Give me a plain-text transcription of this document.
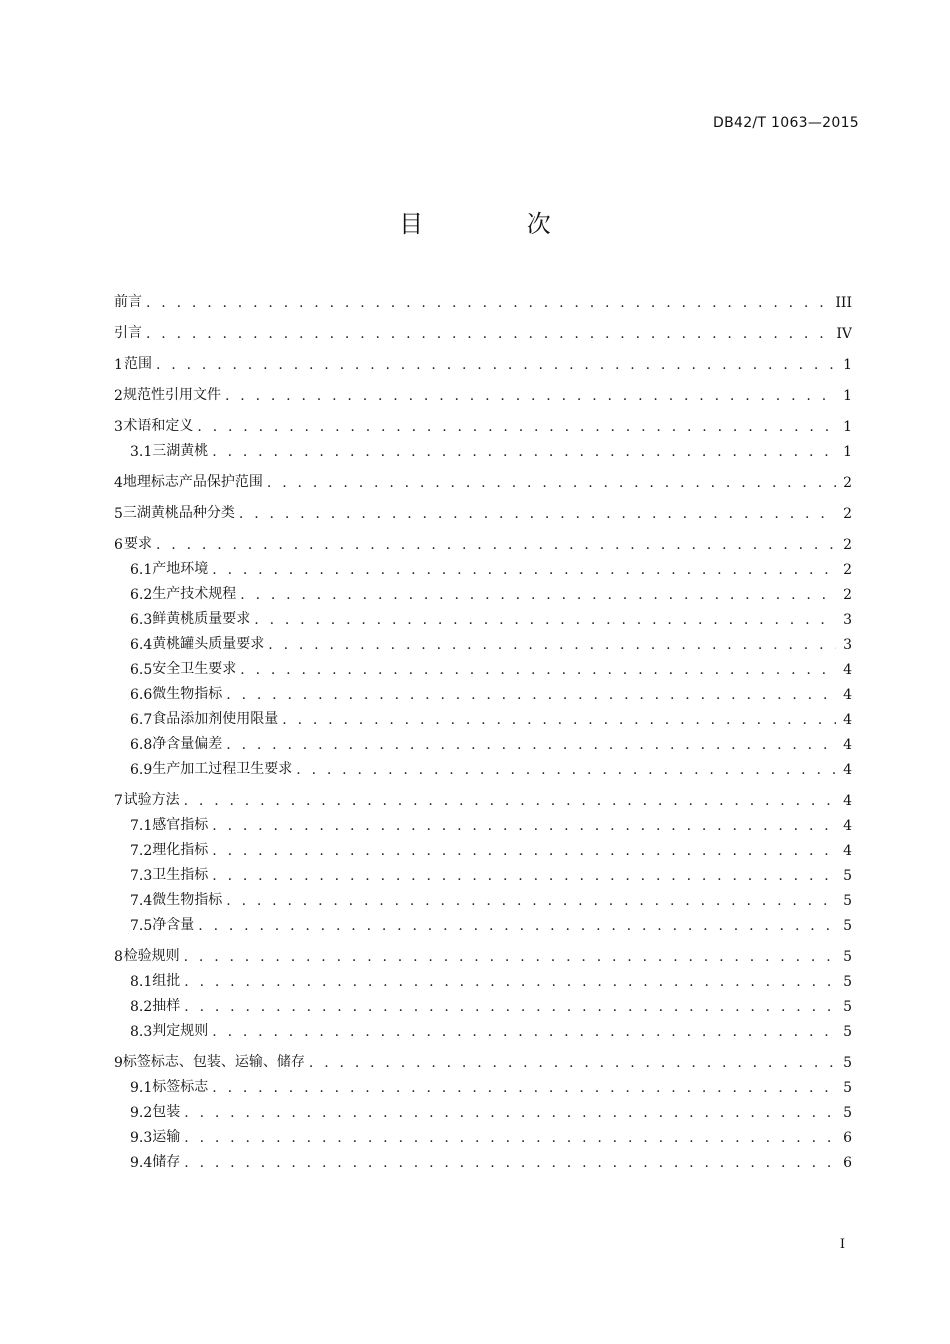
DB42/T 1063—2015
目 次
前言 . . .	III
引言 . . .	IV
1 范围 . . .	1
2 规范性引用文件 . . .	1
3 术语和定义 . . .	1
3.1 三湖黄桃 . . .	1
4 地理标志产品保护范围 . . .	2
5 三湖黄桃品种分类 . . .	2
6 要求 . . .	2
6.1 产地环境 . . .	2
6.2 生产技术规程 . . .	2
6.3 鲜黄桃质量要求 . . .	3
6.4 黄桃罐头质量要求 . . .	3
6.5 安全卫生要求 . . .	4
6.6 微生物指标 . . .	4
6.7 食品添加剂使用限量 . . .	4
6.8 净含量偏差 . . .	4
6.9 生产加工过程卫生要求 . . .	4
7 试验方法 . . .	4
7.1 感官指标 . . .	4
7.2 理化指标 . . .	4
7.3 卫生指标 . . .	5
7.4 微生物指标 . . .	5
7.5 净含量 . . .	5
8 检验规则 . . .	5
8.1 组批 . . .	5
8.2 抽样 . . .	5
8.3 判定规则 . . .	5
9 标签标志、包装、运输、储存 . . .	5
9.1 标签标志 . . .	5
9.2 包装 . . .	5
9.3 运输 . . .	6
9.4 储存 . . .	6
I
